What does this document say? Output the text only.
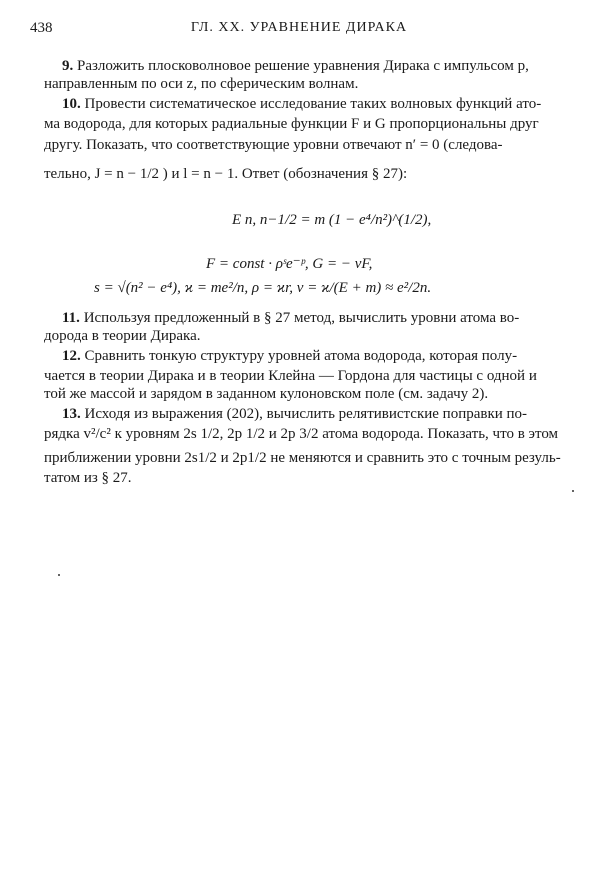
438	ГЛ. XX. УРАВНЕНИЕ ДИРАКА
9. Разложить плосковолновое решение уравнения Дирака с импульсом p,
направленным по оси z, по сферическим волнам.
10. Провести систематическое исследование таких волновых функций ато-
ма водорода, для которых радиальные функции F и G пропорциональны друг
другу. Показать, что соответствующие уровни отвечают n′ = 0 (следова-
тельно, J = n − 1/2 ) и l = n − 1. Ответ (обозначения § 27):
E n, n−1/2 = m (1 − e⁴/n²)^(1/2),
F = const · ρˢe⁻ᵖ, G = − νF,
s = √(n² − e⁴), ϰ = me²/n, ρ = ϰr, ν = ϰ/(E + m) ≈ e²/2n.
11. Используя предложенный в § 27 метод, вычислить уровни атома во-
дорода в теории Дирака.
12. Сравнить тонкую структуру уровней атома водорода, которая полу-
чается в теории Дирака и в теории Клейна — Гордона для частицы с одной и
той же массой и зарядом в заданном кулоновском поле (см. задачу 2).
13. Исходя из выражения (202), вычислить релятивистские поправки по-
рядка v²/c² к уровням 2s 1/2, 2p 1/2 и 2p 3/2 атома водорода. Показать, что в этом
приближении уровни 2s1/2 и 2p1/2 не меняются и сравнить это с точным резуль-
татом из § 27.
